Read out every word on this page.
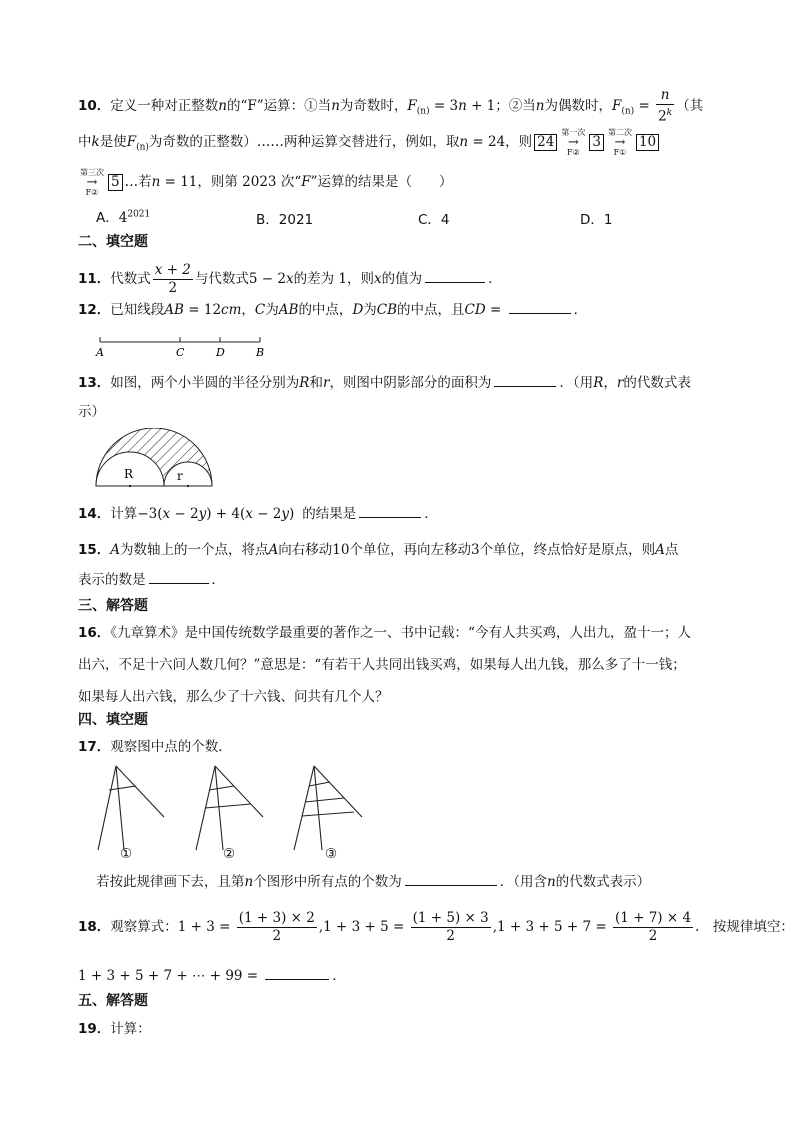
10．定义一种对正整数n的“F”运算：①当n为奇数时，$F_{(n)} = 3n + 1$；②当n为偶数时，$F_{(n)} = \frac{n}{2^k}$ （其
中k是使$F_{(n)}$为奇数的正整数）……两种运算交替进行，例如，取n = 24，则 24
第一次
→
F②
3
第二次
→
F①
10
第三次
→
F②
5 …若n = 11，则第 2023 次“F”运算的结果是（　　）
A．$4^{2021}$	B．2021	C．4	D．1
二、填空题
11．代数式 $\frac{x + 2}{2}$ 与代数式5 − 2x的差为 1，则x的值为	．
12．已知线段AB = 12cm，C为AB的中点，D为CB的中点，且CD =	．
A	C	D	B
13．如图，两个小半圆的半径分别为R和r，则图中阴影部分的面积为	．（用R，r的代数式表
示）
R	r
14．计算−3(x − 2y) + 4(x − 2y) 的结果是	．
15．A为数轴上的一个点，将点A向右移动10个单位，再向左移动3个单位，终点恰好是原点，则A点
表示的数是	．
三、解答题
16．《九章算术》是中国传统数学最重要的著作之一、书中记载：“今有人共买鸡，人出九，盈十一；人
出六，不足十六问人数几何？”意思是：“有若干人共同出钱买鸡，如果每人出九钱，那么多了十一钱；
如果每人出六钱，那么少了十六钱、问共有几个人？
四、填空题
17．观察图中点的个数．
①	②	③
若按此规律画下去，且第n个图形中所有点的个数为	．（用含n的代数式表示）
18．观察算式：$1 + 3 = \frac{(1 + 3) \times 2}{2} ,1 + 3 + 5 = \frac{(1 + 5) \times 3}{2} ,1 + 3 + 5 + 7 = \frac{(1 + 7) \times 4}{2}$ .　按规律填空：
1 + 3 + 5 + 7 + ⋯ + 99 =	．
五、解答题
19．计算：
